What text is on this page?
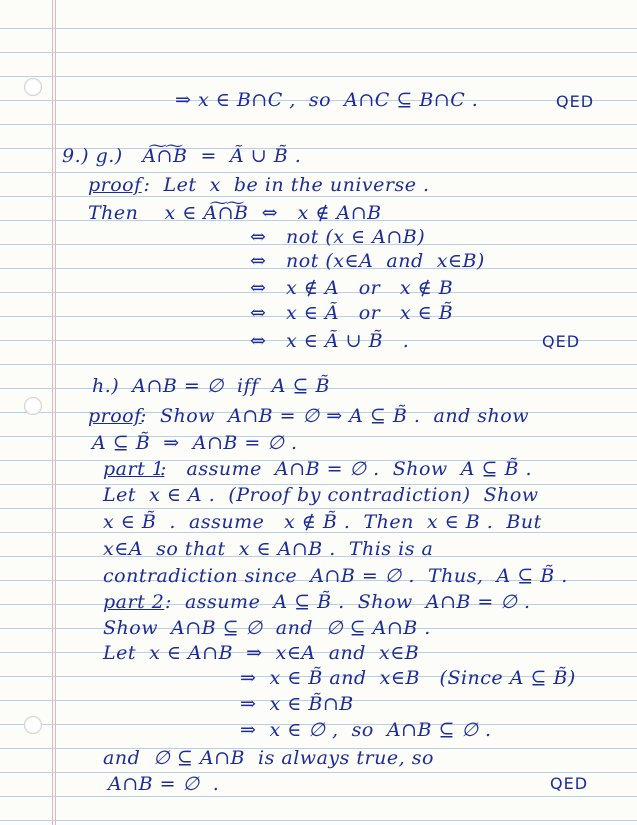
⇒ x ∈ B∩C ,  so  A∩C ⊆ B∩C .	QED
9.) g.)   A͠∩͠B  =  Ã ∪ B̃ .
proof
:  Let  x  be in the universe .
Then    x ∈ A͠∩͠B  ⇔   x ∉ A∩B
⇔   not (x ∈ A∩B)
⇔   not (x∈A  and  x∈B)
⇔   x ∉ A   or   x ∉ B
⇔   x ∈ Ã   or   x ∈ B̃
⇔   x ∈ Ã ∪ B̃   .	QED
h.)  A∩B = ∅  iff  A ⊆ B̃
proof
:  Show  A∩B = ∅ ⇒ A ⊆ B̃ .  and show
A ⊆ B̃  ⇒  A∩B = ∅ .
part 1
:   assume  A∩B = ∅ .  Show  A ⊆ B̃ .
Let  x ∈ A .  (Proof by contradiction)  Show
x ∈ B̃  .  assume   x ∉ B̃ .  Then  x ∈ B .  But
x∈A  so that  x ∈ A∩B .  This is a
contradiction since  A∩B = ∅ .  Thus,  A ⊆ B̃ .
part 2 :  assume  A ⊆ B̃ .  Show  A∩B = ∅ .
Show  A∩B ⊆ ∅  and  ∅ ⊆ A∩B .
Let  x ∈ A∩B  ⇒  x∈A  and  x∈B
⇒  x ∈ B̃ and  x∈B   (Since A ⊆ B̃)
⇒  x ∈ B̃∩B
⇒  x ∈ ∅ ,  so  A∩B ⊆ ∅ .
and  ∅ ⊆ A∩B  is always true, so
A∩B = ∅  .	QED
